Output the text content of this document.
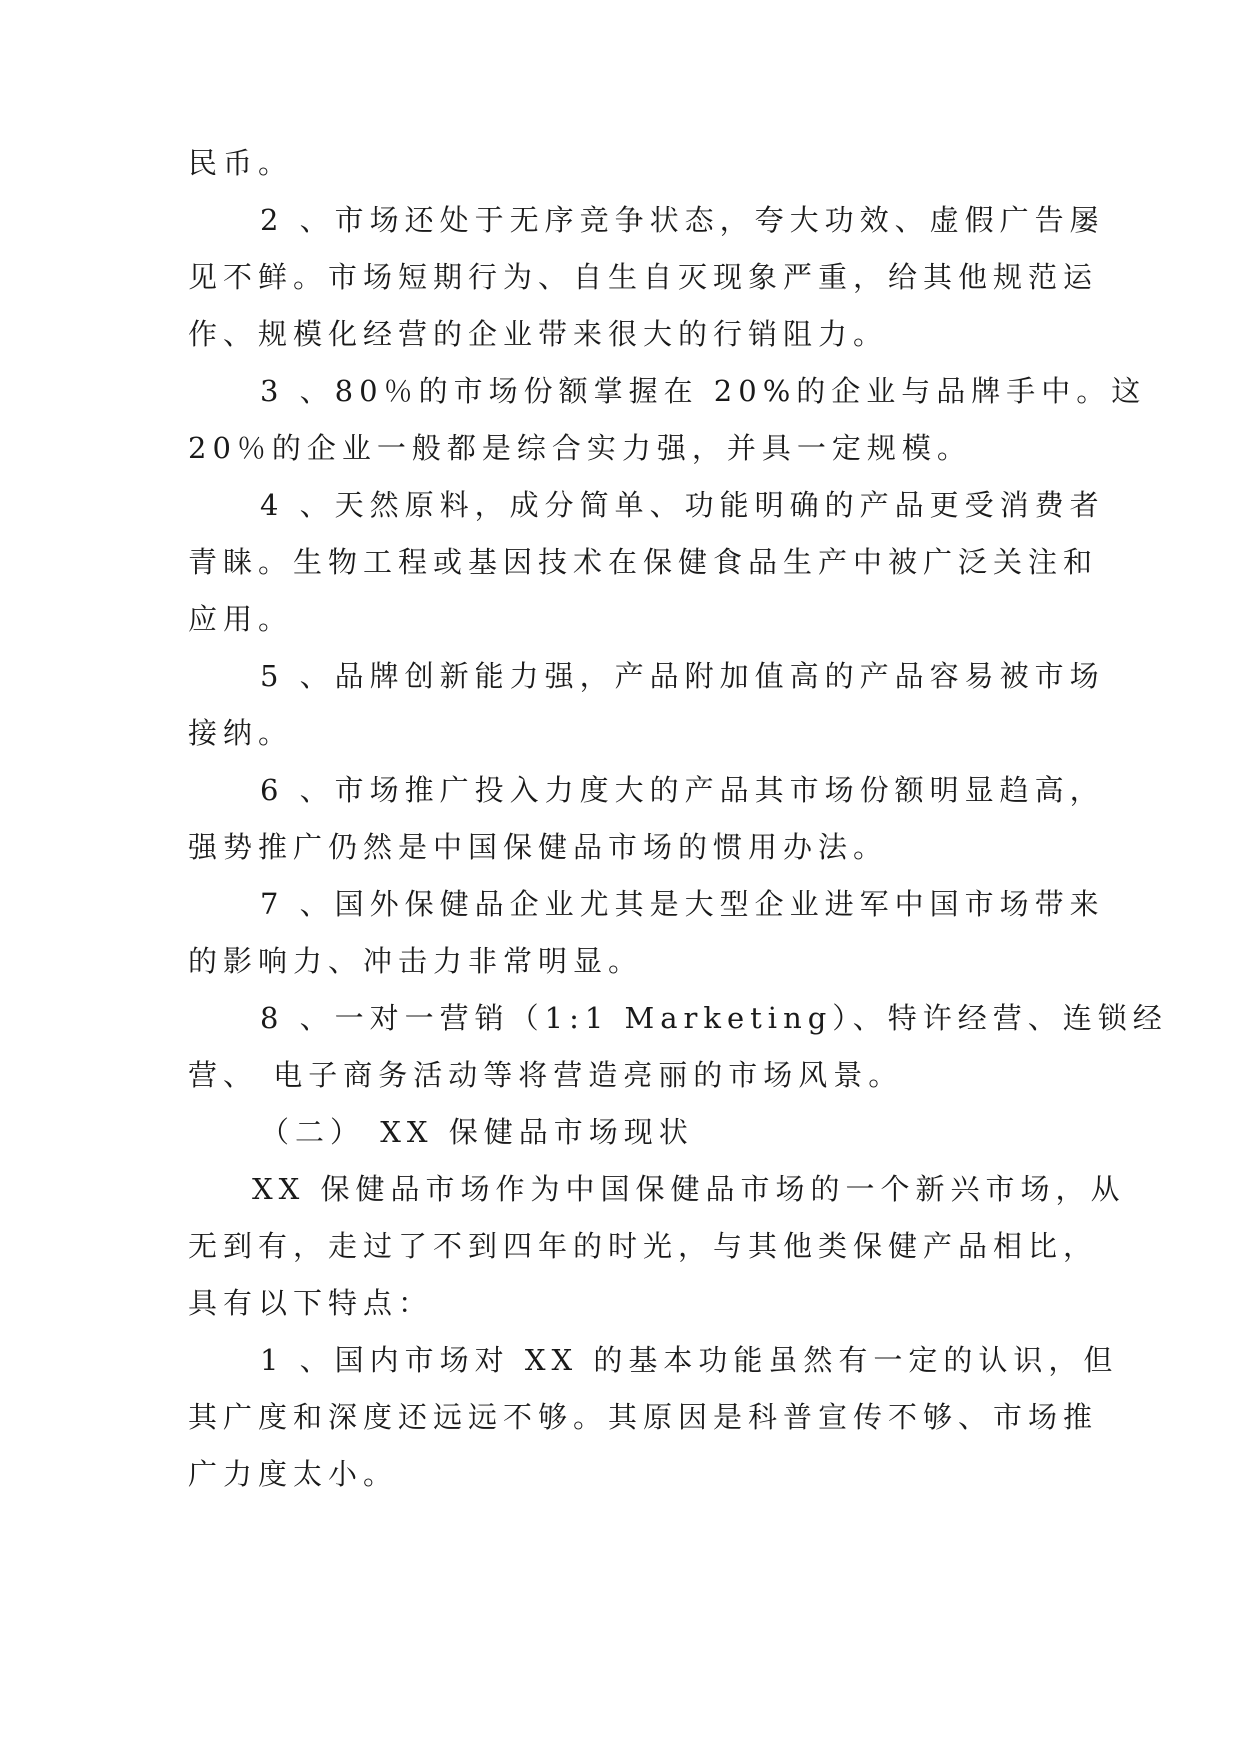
民币。
2 、市场还处于无序竞争状态，夸大功效、虚假广告屡
见不鲜。市场短期行为、自生自灭现象严重，给其他规范运
作、规模化经营的企业带来很大的行销阻力。
3 、80％的市场份额掌握在 20%的企业与品牌手中。这
20％的企业一般都是综合实力强，并具一定规模。
4 、天然原料，成分简单、功能明确的产品更受消费者
青睐。生物工程或基因技术在保健食品生产中被广泛关注和
应用。
5 、品牌创新能力强，产品附加值高的产品容易被市场
接纳。
6 、市场推广投入力度大的产品其市场份额明显趋高，
强势推广仍然是中国保健品市场的惯用办法。
7 、国外保健品企业尤其是大型企业进军中国市场带来
的影响力、冲击力非常明显。
8 、一对一营销（1:1 Marketing）、特许经营、连锁经
营、 电子商务活动等将营造亮丽的市场风景。
（二） XX 保健品市场现状
XX 保健品市场作为中国保健品市场的一个新兴市场，从
无到有，走过了不到四年的时光，与其他类保健产品相比，
具有以下特点：
1 、国内市场对 XX 的基本功能虽然有一定的认识，但
其广度和深度还远远不够。其原因是科普宣传不够、市场推
广力度太小。
